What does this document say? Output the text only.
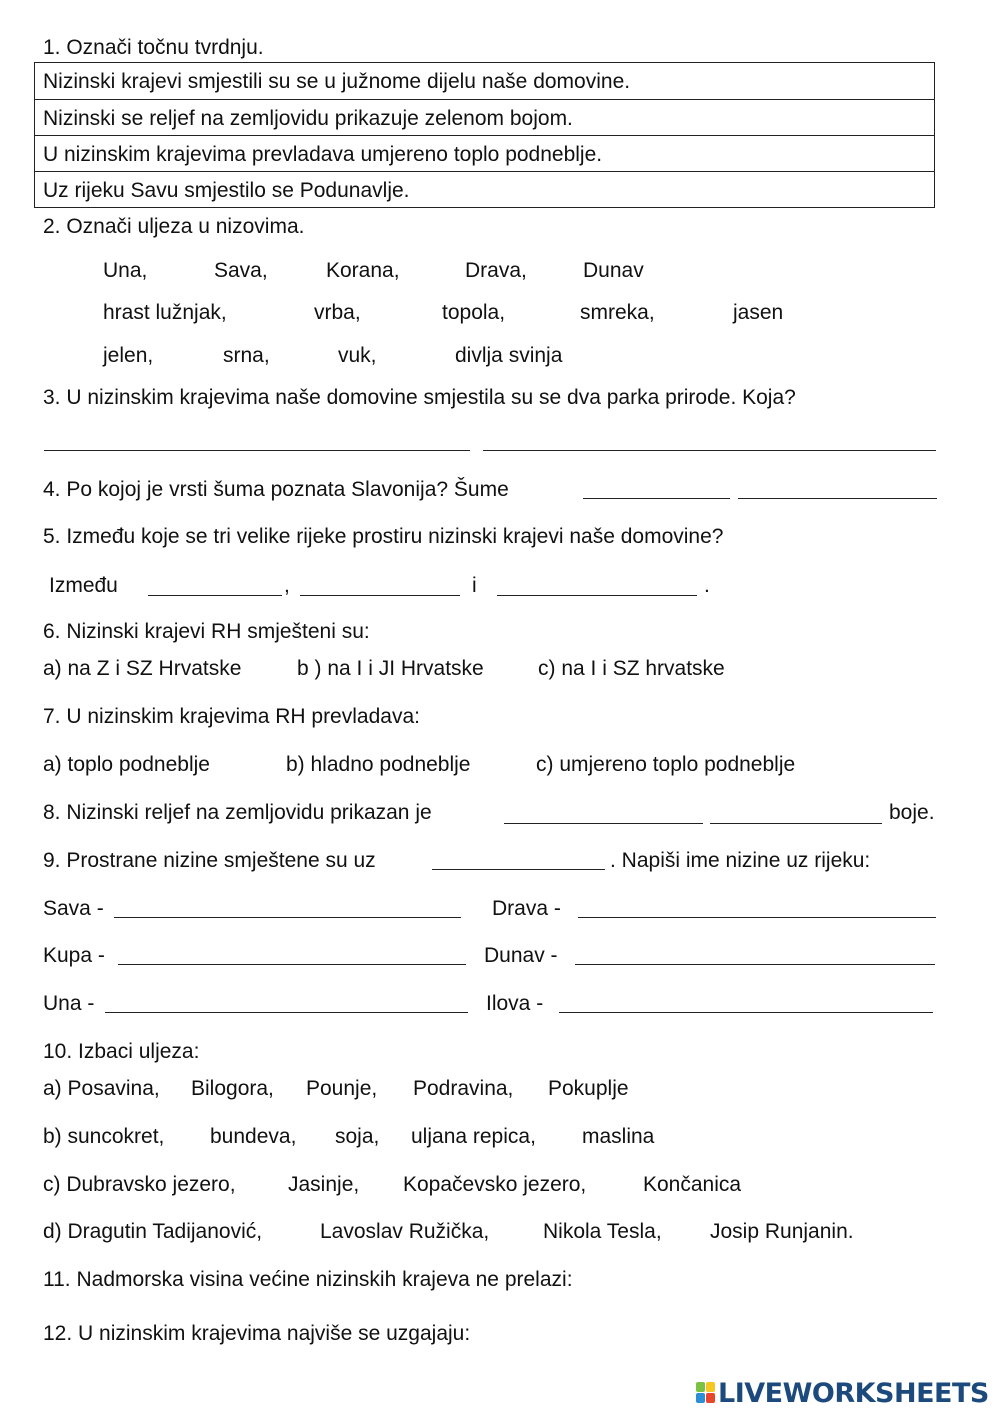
1. Označi točnu tvrdnju.
Nizinski krajevi smjestili su se u južnome dijelu naše domovine.
Nizinski se reljef na zemljovidu prikazuje zelenom bojom.
U nizinskim krajevima prevladava umjereno toplo podneblje.
Uz rijeku Savu smjestilo se Podunavlje.
2. Označi uljeza u nizovima.
Una,	Sava,	Korana,	Drava,	Dunav
hrast lužnjak,	vrba,	topola,	smreka,	jasen
jelen,	srna,	vuk,	divlja svinja
3. U nizinskim krajevima naše domovine smjestila su se dva parka prirode. Koja?
4. Po kojoj je vrsti šuma poznata Slavonija? Šume
5. Između koje se tri velike rijeke prostiru nizinski krajevi naše domovine?
Između	,	i	.
6. Nizinski krajevi RH smješteni su:
a) na Z i SZ Hrvatske	b ) na I i JI Hrvatske	c) na I i SZ hrvatske
7. U nizinskim krajevima RH prevladava:
a) toplo podneblje	b) hladno podneblje	c) umjereno toplo podneblje
8. Nizinski reljef na zemljovidu prikazan je	boje.
9. Prostrane nizine smještene su uz	. Napiši ime nizine uz rijeku:
Sava -	Drava -
Kupa -	Dunav -
Una -	Ilova -
10. Izbaci uljeza:
a) Posavina, Bilogora, Pounje, Podravina, Pokuplje
b) suncokret, bundeva, soja, uljana repica, maslina
c) Dubravsko jezero, Jasinje, Kopačevsko jezero,	Končanica
d) Dragutin Tadijanović,	Lavoslav Ružička,	Nikola Tesla, Josip Runjanin.
11. Nadmorska visina većine nizinskih krajeva ne prelazi:
12. U nizinskim krajevima najviše se uzgajaju:
LIVEWORKSHEETS
